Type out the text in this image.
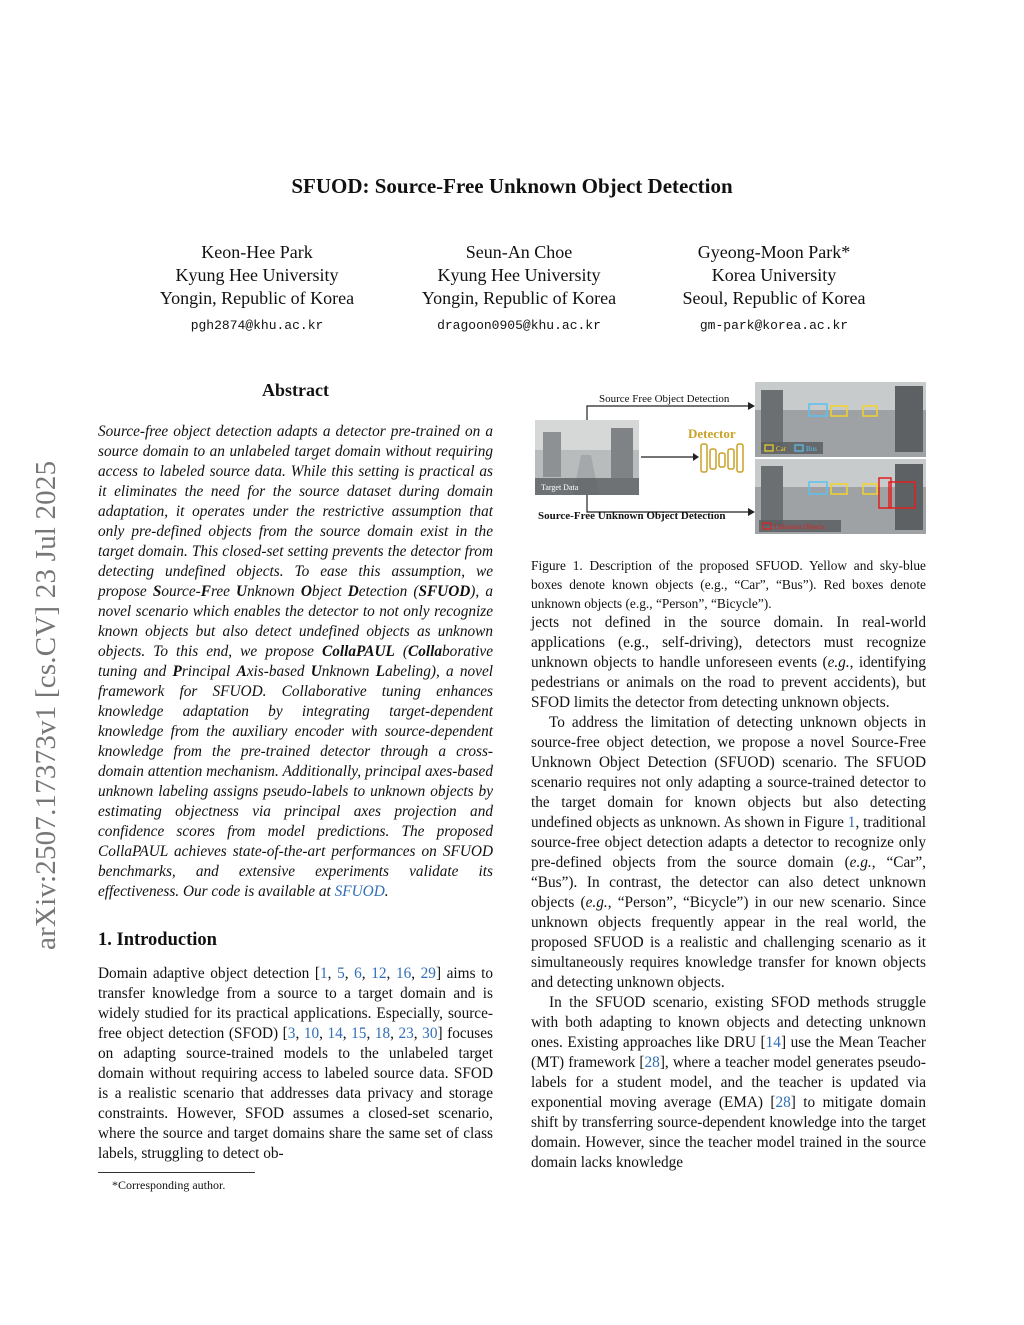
SFUOD: Source-Free Unknown Object Detection
Keon-Hee Park
Kyung Hee University
Yongin, Republic of Korea
pgh2874@khu.ac.kr
Seun-An Choe
Kyung Hee University
Yongin, Republic of Korea
dragoon0905@khu.ac.kr
Gyeong-Moon Park*
Korea University
Seoul, Republic of Korea
gm-park@korea.ac.kr
arXiv:2507.17373v1 [cs.CV] 23 Jul 2025
Abstract
Source-free object detection adapts a detector pre-trained on a source domain to an unlabeled target domain without requiring access to labeled source data. While this setting is practical as it eliminates the need for the source dataset during domain adaptation, it operates under the restrictive assumption that only pre-defined objects from the source domain exist in the target domain. This closed-set setting prevents the detector from detecting undefined objects. To ease this assumption, we propose Source-Free Unknown Object Detection (SFUOD), a novel scenario which enables the detector to not only recognize known objects but also detect undefined objects as unknown objects. To this end, we propose CollaPAUL (Collaborative tuning and Principal Axis-based Unknown Labeling), a novel framework for SFUOD. Collaborative tuning enhances knowledge adaptation by integrating target-dependent knowledge from the auxiliary encoder with source-dependent knowledge from the pre-trained detector through a cross-domain attention mechanism. Additionally, principal axes-based unknown labeling assigns pseudo-labels to unknown objects by estimating objectness via principal axes projection and confidence scores from model predictions. The proposed CollaPAUL achieves state-of-the-art performances on SFUOD benchmarks, and extensive experiments validate its effectiveness. Our code is available at SFUOD.
1. Introduction

Domain adaptive object detection [1, 5, 6, 12, 16, 29] aims to transfer knowledge from a source to a target domain and is widely studied for its practical applications. Especially, source-free object detection (SFOD) [3, 10, 14, 15, 18, 23, 30] focuses on adapting source-trained models to the unlabeled target domain without requiring access to labeled source data. SFOD is a realistic scenario that addresses data privacy and storage constraints. However, SFOD assumes a closed-set scenario, where the source and target domains share the same set of class labels, struggling to detect ob-

*Corresponding author.
Target Data
Source Free Object Detection
Source-Free Unknown Object Detection
Detector
Car	Bus
Unknown Objects
Figure 1. Description of the proposed SFUOD. Yellow and sky-blue boxes denote known objects (e.g., “Car”, “Bus”). Red boxes denote unknown objects (e.g., “Person”, “Bicycle”).

jects not defined in the source domain. In real-world applications (e.g., self-driving), detectors must recognize unknown objects to handle unforeseen events (e.g., identifying pedestrians or animals on the road to prevent accidents), but SFOD limits the detector from detecting unknown objects.

To address the limitation of detecting unknown objects in source-free object detection, we propose a novel Source-Free Unknown Object Detection (SFUOD) scenario. The SFUOD scenario requires not only adapting a source-trained detector to the target domain for known objects but also detecting undefined objects as unknown. As shown in Figure 1, traditional source-free object detection adapts a detector to recognize only pre-defined objects from the source domain (e.g., “Car”, “Bus”). In contrast, the detector can also detect unknown objects (e.g., “Person”, “Bicycle”) in our new scenario. Since unknown objects frequently appear in the real world, the proposed SFUOD is a realistic and challenging scenario as it simultaneously requires knowledge transfer for known objects and detecting unknown objects.

In the SFUOD scenario, existing SFOD methods struggle with both adapting to known objects and detecting unknown ones. Existing approaches like DRU [14] use the Mean Teacher (MT) framework [28], where a teacher model generates pseudo-labels for a student model, and the teacher is updated via exponential moving average (EMA) [28] to mitigate domain shift by transferring source-dependent knowledge into the target domain. However, since the teacher model trained in the source domain lacks knowledge
